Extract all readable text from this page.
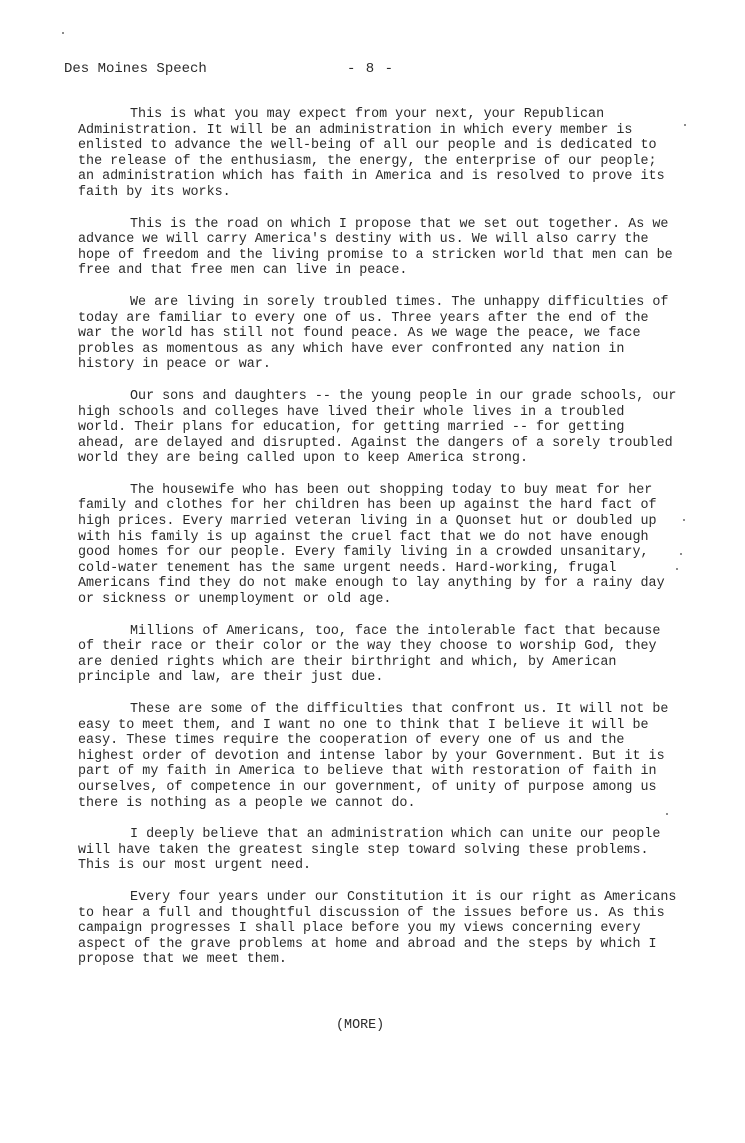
Des Moines Speech	- 8 -

This is what you may expect from your next, your Republican Administration. It will be an administration in which every member is enlisted to advance the well-being of all our people and is dedicated to the release of the enthusiasm, the energy, the enterprise of our people; an administration which has faith in America and is resolved to prove its faith by its works.

This is the road on which I propose that we set out together. As we advance we will carry America's destiny with us. We will also carry the hope of freedom and the living promise to a stricken world that men can be free and that free men can live in peace.

We are living in sorely troubled times. The unhappy difficulties of today are familiar to every one of us. Three years after the end of the war the world has still not found peace. As we wage the peace, we face probles as momentous as any which have ever confronted any nation in history in peace or war.

Our sons and daughters -- the young people in our grade schools, our high schools and colleges have lived their whole lives in a troubled world. Their plans for education, for getting married -- for getting ahead, are delayed and disrupted. Against the dangers of a sorely troubled world they are being called upon to keep America strong.

The housewife who has been out shopping today to buy meat for her family and clothes for her children has been up against the hard fact of high prices. Every married veteran living in a Quonset hut or doubled up with his family is up against the cruel fact that we do not have enough good homes for our people. Every family living in a crowded unsanitary, cold-water tenement has the same urgent needs. Hard-working, frugal Americans find they do not make enough to lay anything by for a rainy day or sickness or unemployment or old age.

Millions of Americans, too, face the intolerable fact that because of their race or their color or the way they choose to worship God, they are denied rights which are their birthright and which, by American principle and law, are their just due.

These are some of the difficulties that confront us. It will not be easy to meet them, and I want no one to think that I believe it will be easy. These times require the cooperation of every one of us and the highest order of devotion and intense labor by your Government. But it is part of my faith in America to believe that with restoration of faith in ourselves, of competence in our government, of unity of purpose among us there is nothing as a people we cannot do.

I deeply believe that an administration which can unite our people will have taken the greatest single step toward solving these problems. This is our most urgent need.

Every four years under our Constitution it is our right as Americans to hear a full and thoughtful discussion of the issues before us. As this campaign progresses I shall place before you my views concerning every aspect of the grave problems at home and abroad and the steps by which I propose that we meet them.

(MORE)
